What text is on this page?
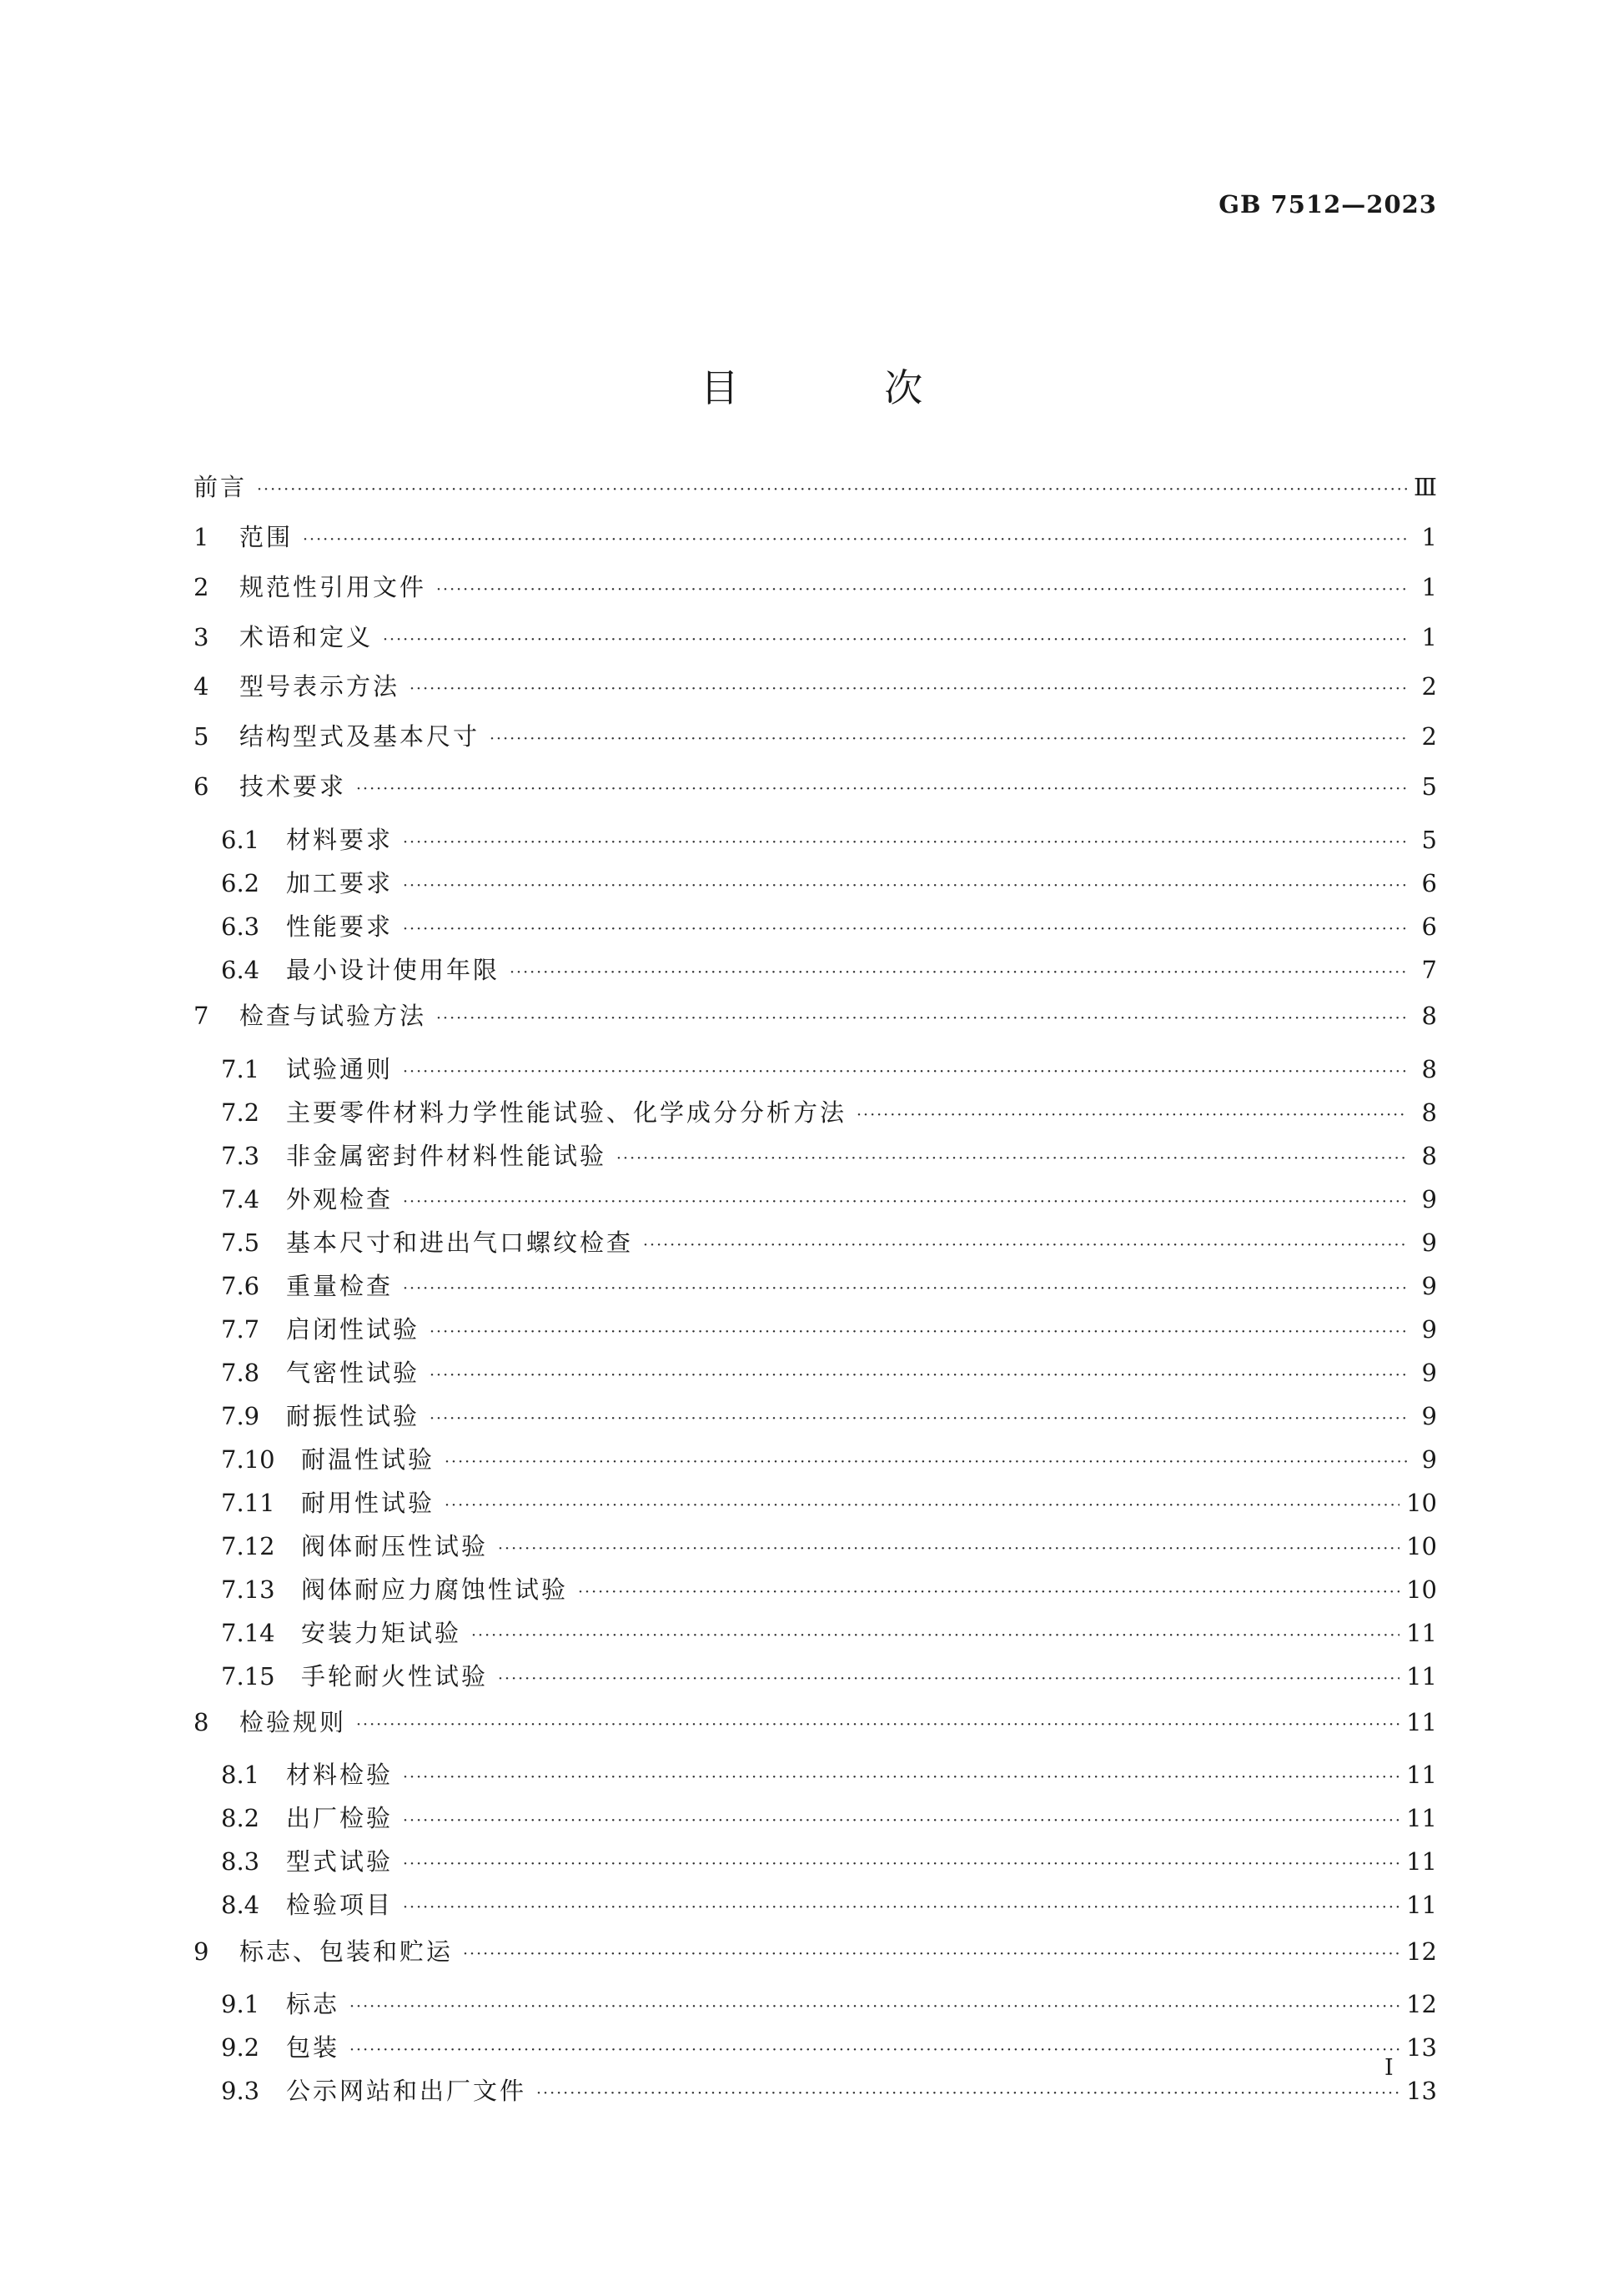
GB 7512—2023
目 次
前言 ·····	Ⅲ
1	范围 ·····	1
2	规范性引用文件 ·····	1
3	术语和定义 ·····	1
4	型号表示方法 ·····	2
5	结构型式及基本尺寸 ·····	2
6	技术要求 ·····	5
6.1	材料要求 ·····	5
6.2	加工要求 ·····	6
6.3	性能要求 ·····	6
6.4	最小设计使用年限 ·····	7
7	检查与试验方法 ·····	8
7.1	试验通则 ·····	8
7.2	主要零件材料力学性能试验、化学成分分析方法 ·····	8
7.3	非金属密封件材料性能试验 ·····	8
7.4	外观检查 ·····	9
7.5	基本尺寸和进出气口螺纹检查 ·····	9
7.6	重量检查 ·····	9
7.7	启闭性试验 ·····	9
7.8	气密性试验 ·····	9
7.9	耐振性试验 ·····	9
7.10	耐温性试验 ·····	9
7.11	耐用性试验 ·····	10
7.12	阀体耐压性试验 ·····	10
7.13	阀体耐应力腐蚀性试验 ·····	10
7.14	安装力矩试验 ·····	11
7.15	手轮耐火性试验 ·····	11
8	检验规则 ·····	11
8.1	材料检验 ·····	11
8.2	出厂检验 ·····	11
8.3	型式试验 ·····	11
8.4	检验项目 ·····	11
9	标志、包装和贮运 ·····	12
9.1	标志 ·····	12
9.2	包装 ·····	13
9.3	公示网站和出厂文件 ·····	13
I
